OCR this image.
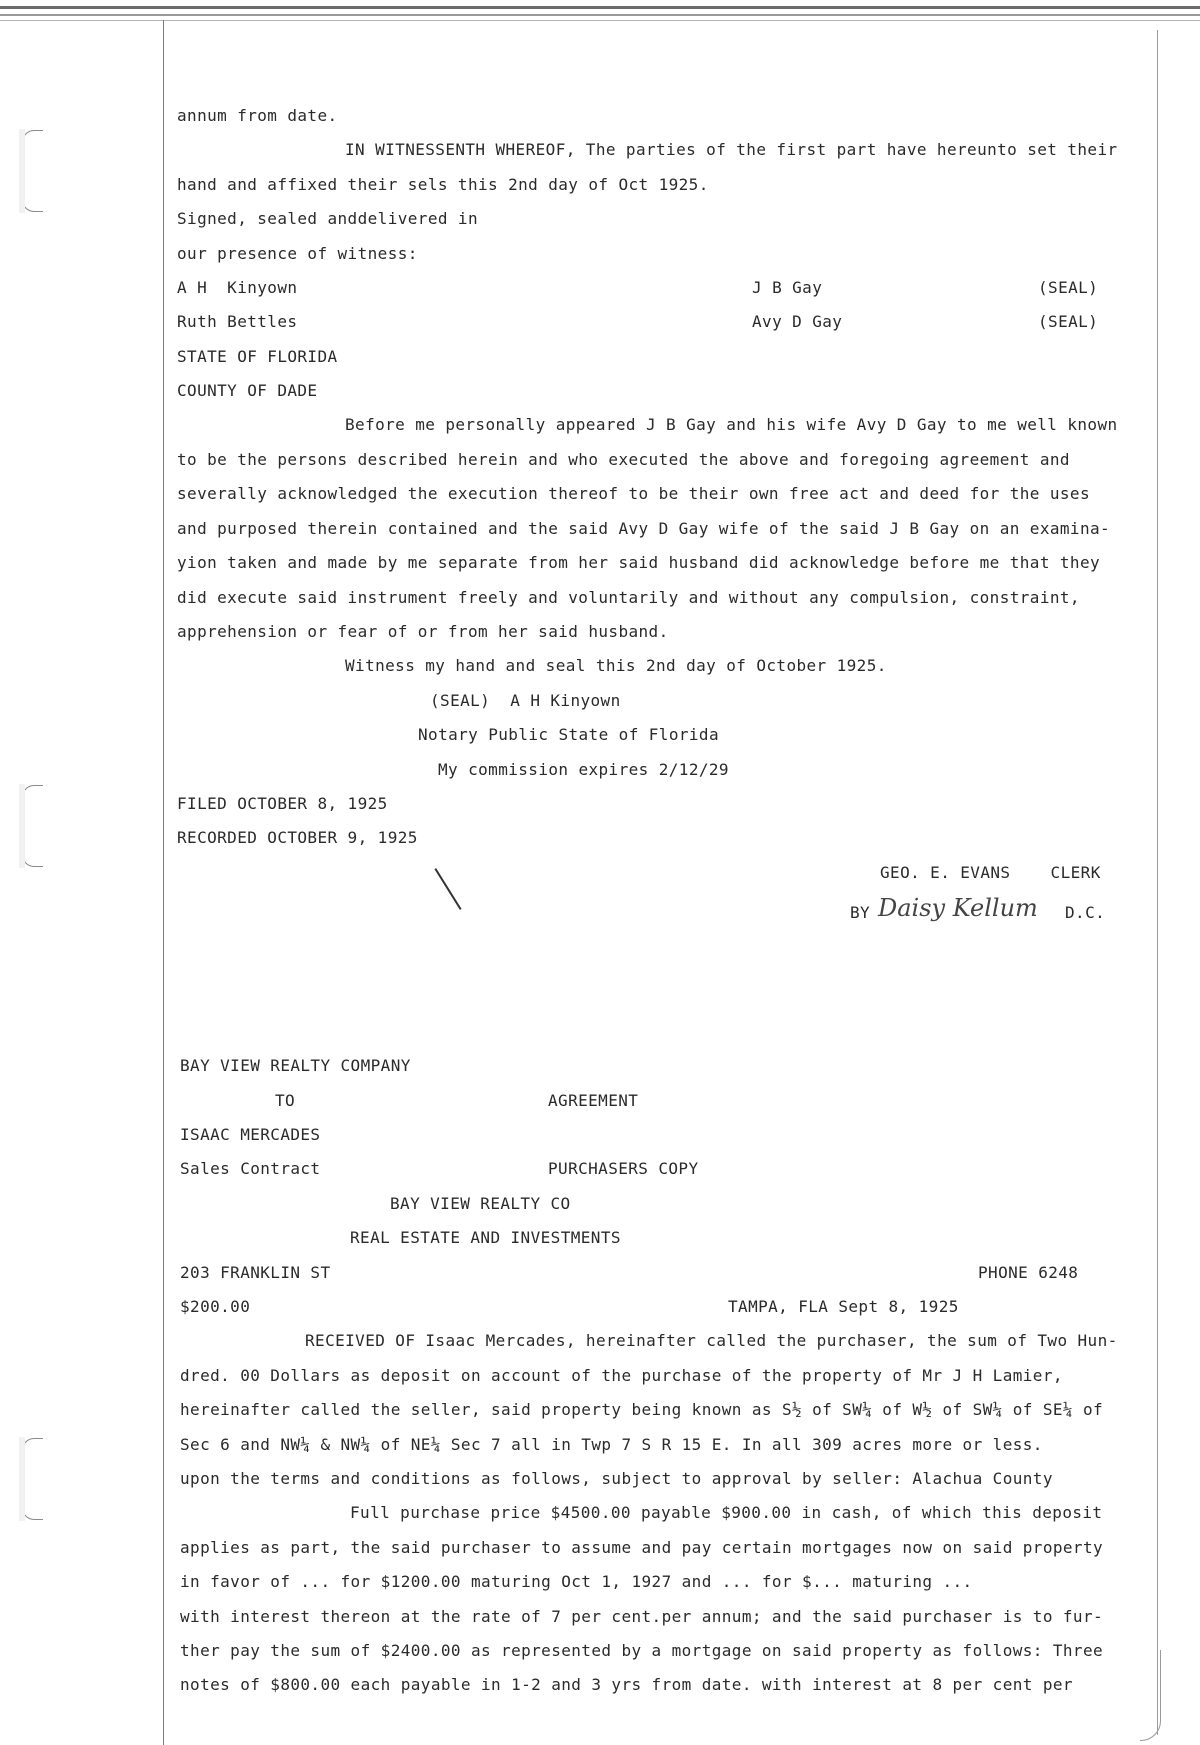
annum from date.
IN WITNESSENTH WHEREOF, The parties of the first part have hereunto set their
hand and affixed their sels this 2nd day of Oct 1925.
Signed, sealed anddelivered in
our presence of witness:
A H  Kinyown	J B Gay	(SEAL)
Ruth Bettles	Avy D Gay	(SEAL)
STATE OF FLORIDA
COUNTY OF DADE
Before me personally appeared J B Gay and his wife Avy D Gay to me well known
to be the persons described herein and who executed the above and foregoing agreement and
severally acknowledged the execution thereof to be their own free act and deed for the uses
and purposed therein contained and the said Avy D Gay wife of the said J B Gay on an examina-
yion taken and made by me separate from her said husband did acknowledge before me that they
did execute said instrument freely and voluntarily and without any compulsion, constraint,
apprehension or fear of or from her said husband.
Witness my hand and seal this 2nd day of October 1925.
(SEAL)  A H Kinyown
Notary Public State of Florida
My commission expires 2/12/29
FILED OCTOBER 8, 1925
RECORDED OCTOBER 9, 1925
GEO. E. EVANS    CLERK
BY	D.C.
BAY VIEW REALTY COMPANY
TO	AGREEMENT
ISAAC MERCADES
Sales Contract	PURCHASERS COPY
BAY VIEW REALTY CO
REAL ESTATE AND INVESTMENTS
203 FRANKLIN ST	PHONE 6248
$200.00	TAMPA, FLA Sept 8, 1925
RECEIVED OF Isaac Mercades, hereinafter called the purchaser, the sum of Two Hun-
dred. 00 Dollars as deposit on account of the purchase of the property of Mr J H Lamier,
hereinafter called the seller, said property being known as S½ of SW¼ of W½ of SW¼ of SE¼ of
Sec 6 and NW¼ & NW¼ of NE¼ Sec 7 all in Twp 7 S R 15 E. In all 309 acres more or less.
upon the terms and conditions as follows, subject to approval by seller: Alachua County
Full purchase price $4500.00 payable $900.00 in cash, of which this deposit
applies as part, the said purchaser to assume and pay certain mortgages now on said property
in favor of ... for $1200.00 maturing Oct 1, 1927 and ... for $... maturing ...
with interest thereon at the rate of 7 per cent.per annum; and the said purchaser is to fur-
ther pay the sum of $2400.00 as represented by a mortgage on said property as follows: Three
notes of $800.00 each payable in 1-2 and 3 yrs from date. with interest at 8 per cent per
Daisy Kellum
